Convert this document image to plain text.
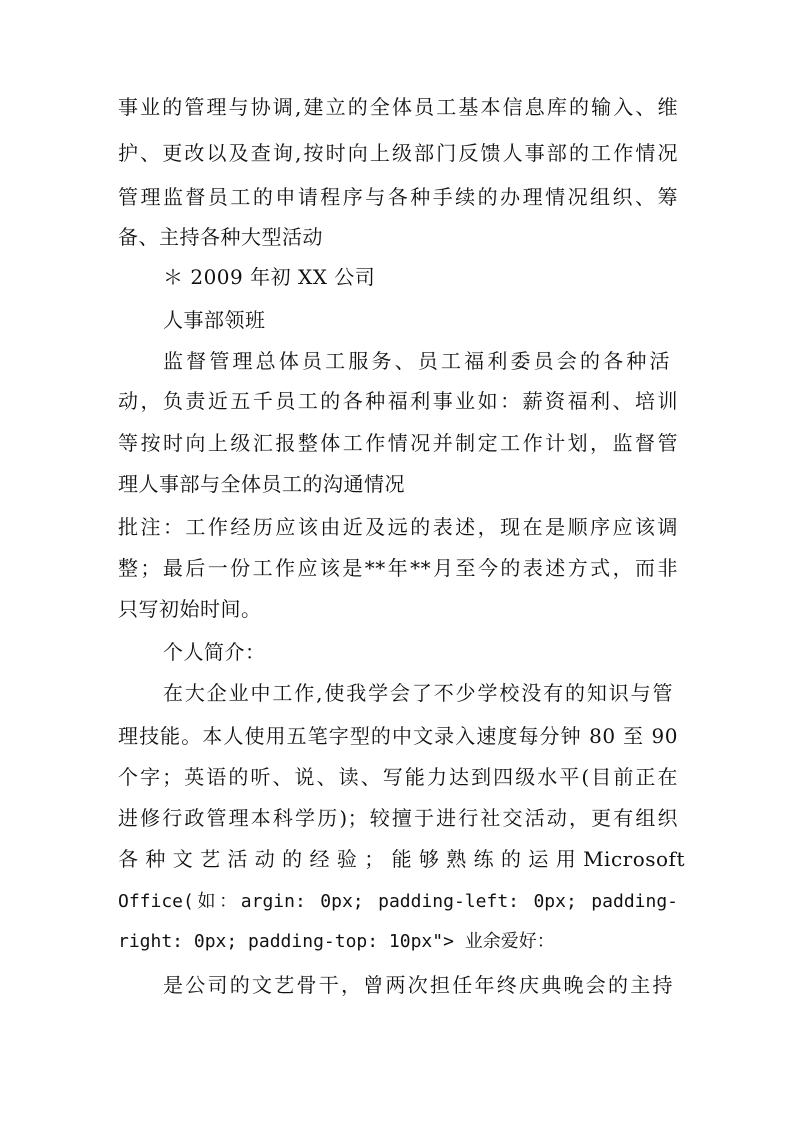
事业的管理与协调,建立的全体员工基本信息库的输入、维
护、更改以及查询,按时向上级部门反馈人事部的工作情况
管理监督员工的申请程序与各种手续的办理情况组织、筹
备、主持各种大型活动
＊ 2009 年初 XX 公司
人事部领班
监督管理总体员工服务、员工福利委员会的各种活
动，负责近五千员工的各种福利事业如：薪资福利、培训
等按时向上级汇报整体工作情况并制定工作计划，监督管
理人事部与全体员工的沟通情况
批注：工作经历应该由近及远的表述，现在是顺序应该调
整；最后一份工作应该是**年**月至今的表述方式，而非
只写初始时间。
个人简介：
在大企业中工作,使我学会了不少学校没有的知识与管
理技能。本人使用五笔字型的中文录入速度每分钟 80 至 90
个字；英语的听、说、读、写能力达到四级水平(目前正在
进修行政管理本科学历)；较擅于进行社交活动，更有组织
各 种 文 艺 活 动 的 经 验 ； 能 够 熟 练 的 运 用 Microsoft
Office(如：argin: 0px; padding-left: 0px; padding-
right: 0px; padding-top: 10px"> 业余爱好：
是公司的文艺骨干，曾两次担任年终庆典晚会的主持
